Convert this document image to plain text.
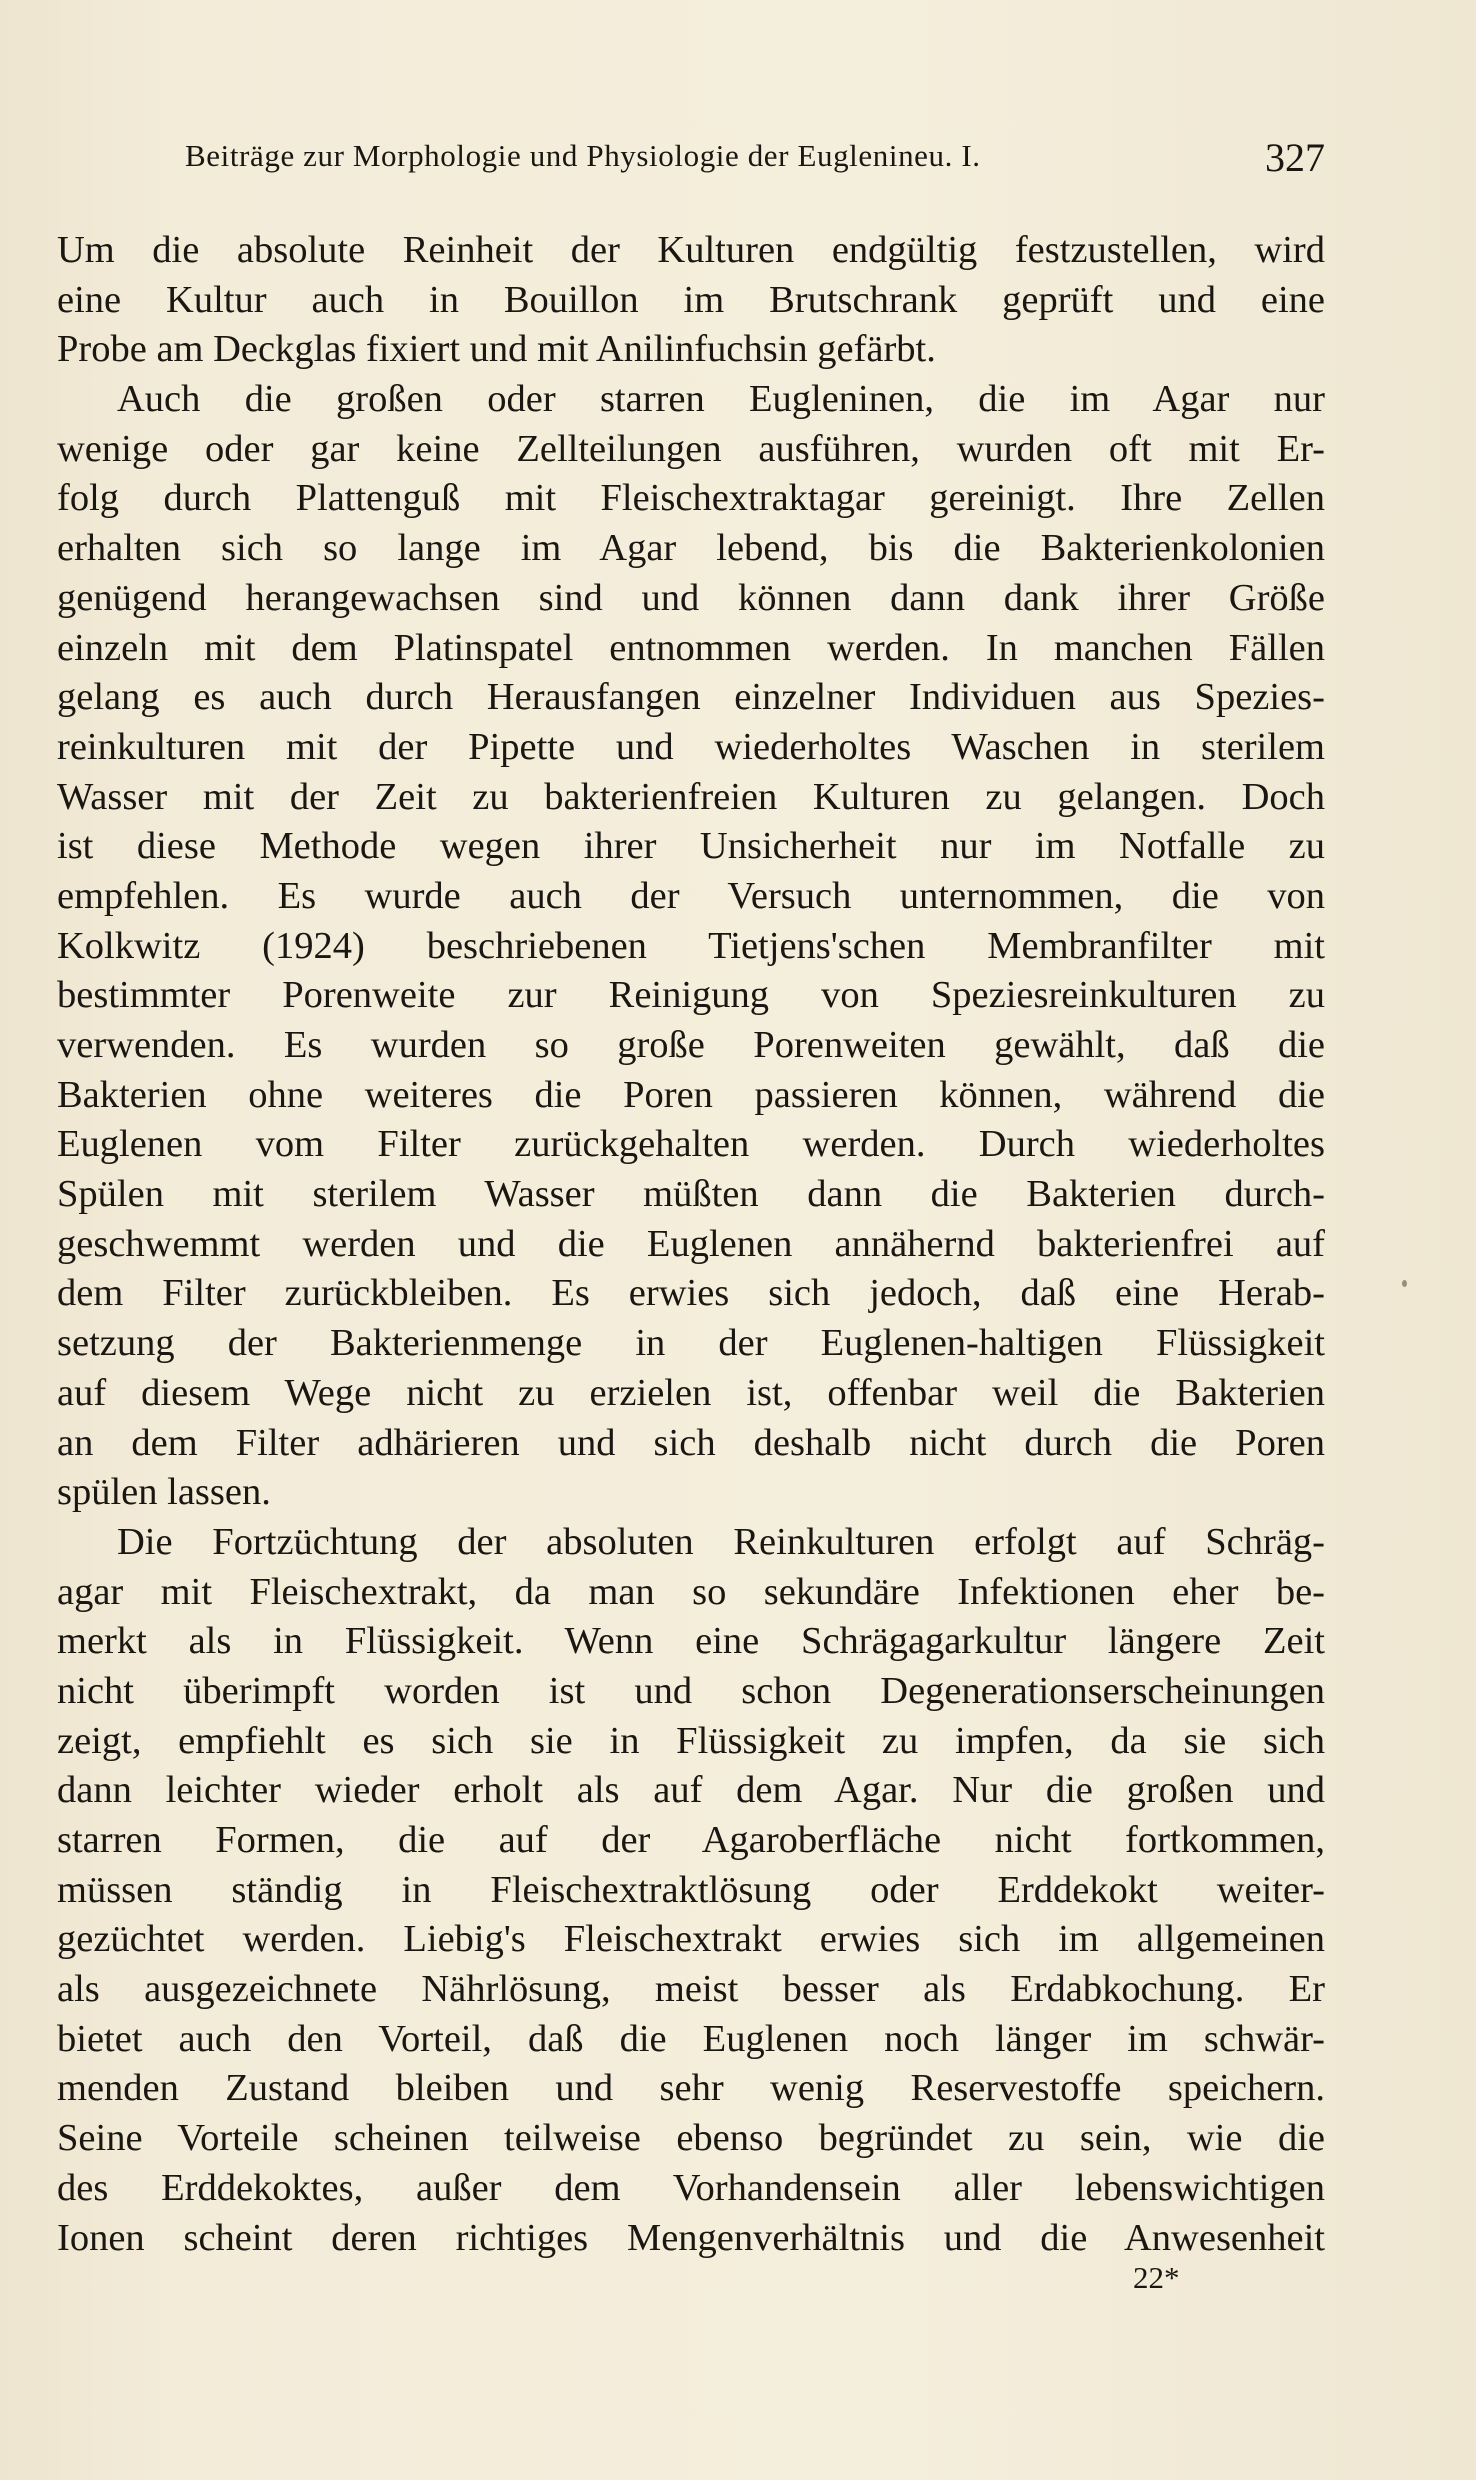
Beiträge zur Morphologie und Physiologie der Euglenineu. I.	327
Um die absolute Reinheit der Kulturen endgültig festzustellen, wird
eine Kultur auch in Bouillon im Brutschrank geprüft und eine
Probe am Deckglas fixiert und mit Anilinfuchsin gefärbt.
Auch die großen oder starren Eugleninen, die im Agar nur
wenige oder gar keine Zellteilungen ausführen, wurden oft mit Er-
folg durch Plattenguß mit Fleischextraktagar gereinigt. Ihre Zellen
erhalten sich so lange im Agar lebend, bis die Bakterienkolonien
genügend herangewachsen sind und können dann dank ihrer Größe
einzeln mit dem Platinspatel entnommen werden. In manchen Fällen
gelang es auch durch Herausfangen einzelner Individuen aus Spezies-
reinkulturen mit der Pipette und wiederholtes Waschen in sterilem
Wasser mit der Zeit zu bakterienfreien Kulturen zu gelangen. Doch
ist diese Methode wegen ihrer Unsicherheit nur im Notfalle zu
empfehlen. Es wurde auch der Versuch unternommen, die von
Kolkwitz (1924) beschriebenen Tietjens'schen Membranfilter mit
bestimmter Porenweite zur Reinigung von Speziesreinkulturen zu
verwenden. Es wurden so große Porenweiten gewählt, daß die
Bakterien ohne weiteres die Poren passieren können, während die
Euglenen vom Filter zurückgehalten werden. Durch wiederholtes
Spülen mit sterilem Wasser müßten dann die Bakterien durch-
geschwemmt werden und die Euglenen annähernd bakterienfrei auf
dem Filter zurückbleiben. Es erwies sich jedoch, daß eine Herab-
setzung der Bakterienmenge in der Euglenen-haltigen Flüssigkeit
auf diesem Wege nicht zu erzielen ist, offenbar weil die Bakterien
an dem Filter adhärieren und sich deshalb nicht durch die Poren
spülen lassen.
Die Fortzüchtung der absoluten Reinkulturen erfolgt auf Schräg-
agar mit Fleischextrakt, da man so sekundäre Infektionen eher be-
merkt als in Flüssigkeit. Wenn eine Schrägagarkultur längere Zeit
nicht überimpft worden ist und schon Degenerationserscheinungen
zeigt, empfiehlt es sich sie in Flüssigkeit zu impfen, da sie sich
dann leichter wieder erholt als auf dem Agar. Nur die großen und
starren Formen, die auf der Agaroberfläche nicht fortkommen,
müssen ständig in Fleischextraktlösung oder Erddekokt weiter-
gezüchtet werden. Liebig's Fleischextrakt erwies sich im allgemeinen
als ausgezeichnete Nährlösung, meist besser als Erdabkochung. Er
bietet auch den Vorteil, daß die Euglenen noch länger im schwär-
menden Zustand bleiben und sehr wenig Reservestoffe speichern.
Seine Vorteile scheinen teilweise ebenso begründet zu sein, wie die
des Erddekoktes, außer dem Vorhandensein aller lebenswichtigen
Ionen scheint deren richtiges Mengenverhältnis und die Anwesenheit
22*
